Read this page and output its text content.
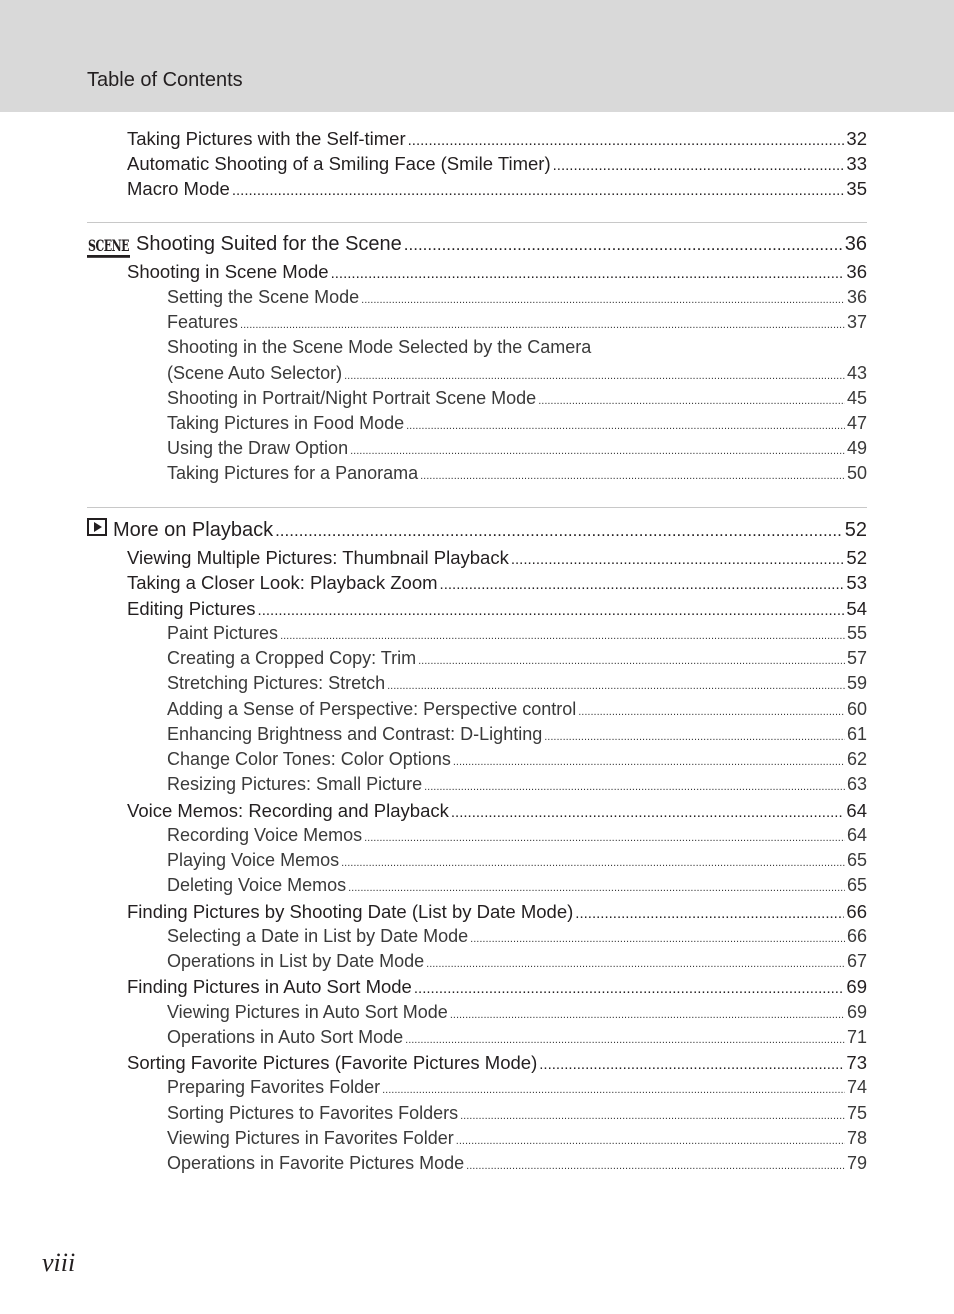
Table of Contents
Taking Pictures with the Self-timer .....	32
Automatic Shooting of a Smiling Face (Smile Timer) .....	33
Macro Mode .....	35
SCENE Shooting Suited for the Scene .....	36
Shooting in Scene Mode .....	36
Setting the Scene Mode .....	36
Features .....	37
Shooting in the Scene Mode Selected by the Camera
(Scene Auto Selector) .....	43
Shooting in Portrait/Night Portrait Scene Mode .....	45
Taking Pictures in Food Mode .....	47
Using the Draw Option .....	49
Taking Pictures for a Panorama .....	50
More on Playback .....	52
Viewing Multiple Pictures: Thumbnail Playback .....	52
Taking a Closer Look: Playback Zoom .....	53
Editing Pictures .....	54
Paint Pictures .....	55
Creating a Cropped Copy: Trim .....	57
Stretching Pictures: Stretch .....	59
Adding a Sense of Perspective: Perspective control .....	60
Enhancing Brightness and Contrast: D-Lighting .....	61
Change Color Tones: Color Options .....	62
Resizing Pictures: Small Picture .....	63
Voice Memos: Recording and Playback .....	64
Recording Voice Memos .....	64
Playing Voice Memos .....	65
Deleting Voice Memos .....	65
Finding Pictures by Shooting Date (List by Date Mode) .....	66
Selecting a Date in List by Date Mode .....	66
Operations in List by Date Mode .....	67
Finding Pictures in Auto Sort Mode .....	69
Viewing Pictures in Auto Sort Mode .....	69
Operations in Auto Sort Mode .....	71
Sorting Favorite Pictures (Favorite Pictures Mode) .....	73
Preparing Favorites Folder .....	74
Sorting Pictures to Favorites Folders .....	75
Viewing Pictures in Favorites Folder .....	78
Operations in Favorite Pictures Mode .....	79
viii
